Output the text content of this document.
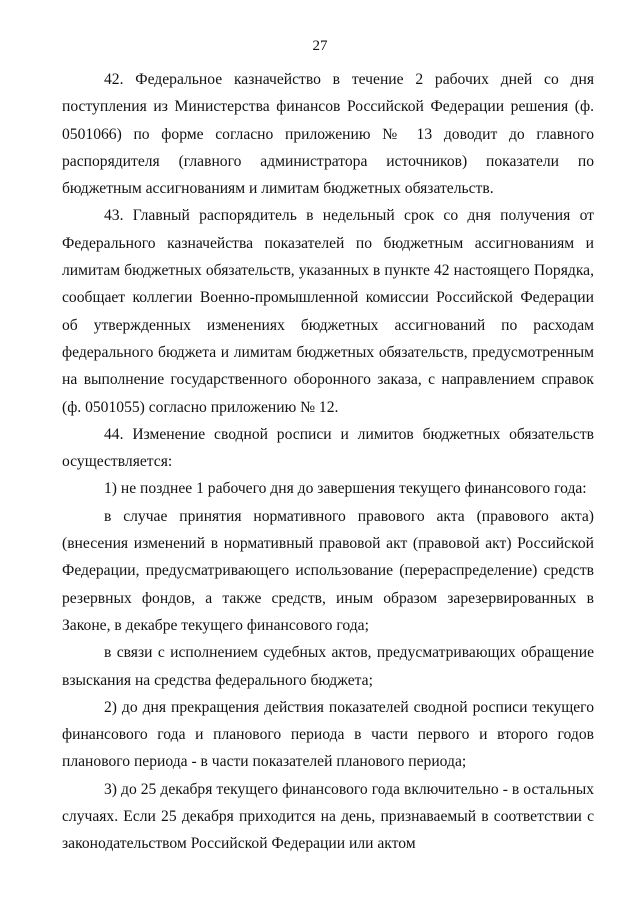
27

42. Федеральное казначейство в течение 2 рабочих дней со дня поступления из Министерства финансов Российской Федерации решения (ф. 0501066) по форме согласно приложению № 13 доводит до главного распорядителя (главного администратора источников) показатели по бюджетным ассигнованиям и лимитам бюджетных обязательств.

43. Главный распорядитель в недельный срок со дня получения от Федерального казначейства показателей по бюджетным ассигнованиям и лимитам бюджетных обязательств, указанных в пункте 42 настоящего Порядка, сообщает коллегии Военно-промышленной комиссии Российской Федерации об утвержденных изменениях бюджетных ассигнований по расходам федерального бюджета и лимитам бюджетных обязательств, предусмотренным на выполнение государственного оборонного заказа, с направлением справок (ф. 0501055) согласно приложению № 12.

44. Изменение сводной росписи и лимитов бюджетных обязательств осуществляется:

1) не позднее 1 рабочего дня до завершения текущего финансового года:

в случае принятия нормативного правового акта (правового акта) (внесения изменений в нормативный правовой акт (правовой акт) Российской Федерации, предусматривающего использование (перераспределение) средств резервных фондов, а также средств, иным образом зарезервированных в Законе, в декабре текущего финансового года;

в связи с исполнением судебных актов, предусматривающих обращение взыскания на средства федерального бюджета;

2) до дня прекращения действия показателей сводной росписи текущего финансового года и планового периода в части первого и второго годов планового периода - в части показателей планового периода;

3) до 25 декабря текущего финансового года включительно - в остальных случаях. Если 25 декабря приходится на день, признаваемый в соответствии с законодательством Российской Федерации или актом
